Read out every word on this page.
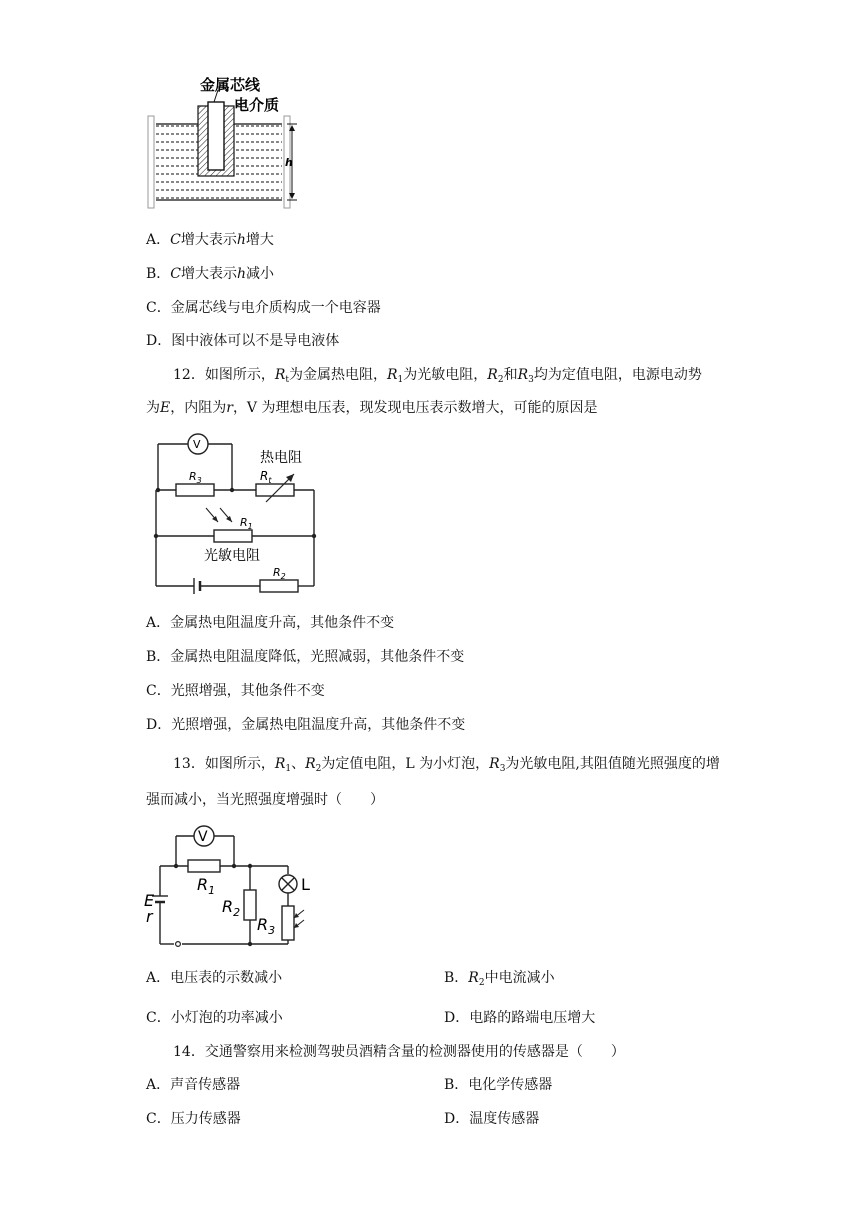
h
金属芯线
电介质
A．C增大表示h增大
B．C增大表示h减小
C．金属芯线与电介质构成一个电容器
D．图中液体可以不是导电液体
12．如图所示，$R_t$为金属热电阻，$R_1$为光敏电阻，$R_2$和$R_3$均为定值电阻，电源电动势
为E，内阻为r，V 为理想电压表，现发现电压表示数增大，可能的原因是
V
$R_3$
热电阻
$R_t$
$R_1$
光敏电阻
$R_2$
A．金属热电阻温度升高，其他条件不变
B．金属热电阻温度降低，光照减弱，其他条件不变
C．光照增强，其他条件不变
D．光照增强，金属热电阻温度升高，其他条件不变
13．如图所示，$R_1$、$R_2$为定值电阻，L 为小灯泡，$R_3$为光敏电阻,其阻值随光照强度的增
强而减小，当光照强度增强时（　　）
V
$R_1$
$R_2$
$R_3$
L
E
r
A．电压表的示数减小	B．$R_2$中电流减小
C．小灯泡的功率减小	D．电路的路端电压增大
14．交通警察用来检测驾驶员酒精含量的检测器使用的传感器是（　　）
A．声音传感器	B．电化学传感器
C．压力传感器	D．温度传感器
